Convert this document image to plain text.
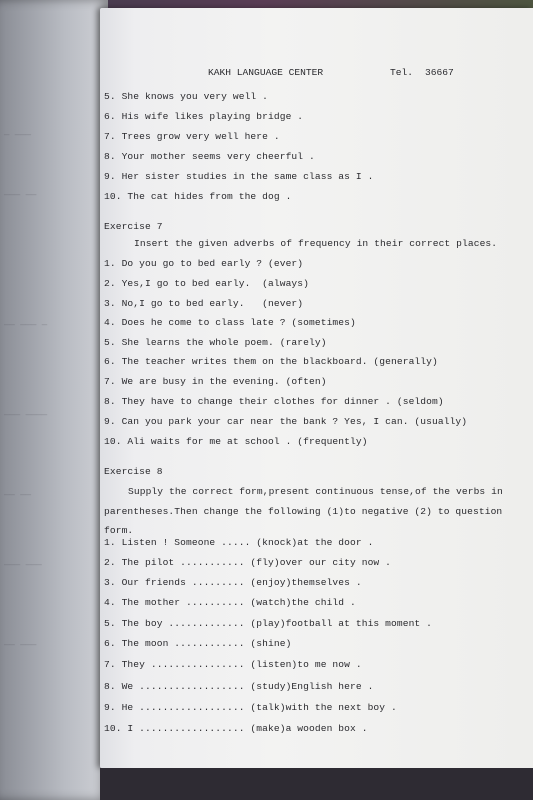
— ———
——— ——
—— ——— —
——— ————
—— ——
——— ———
—— ———
KAKH LANGUAGE CENTER	Tel. 36667
5. She knows you very well .
6. His wife likes playing bridge .
7. Trees grow very well here .
8. Your mother seems very cheerful .
9. Her sister studies in the same class as I .
10. The cat hides from the dog .
Exercise 7
Insert the given adverbs of frequency in their correct places.
1. Do you go to bed early ? (ever)
2. Yes,I go to bed early.  (always)
3. No,I go to bed early.   (never)
4. Does he come to class late ? (sometimes)
5. She learns the whole poem. (rarely)
6. The teacher writes them on the blackboard. (generally)
7. We are busy in the evening. (often)
8. They have to change their clothes for dinner . (seldom)
9. Can you park your car near the bank ? Yes, I can. (usually)
10. Ali waits for me at school . (frequently)
Exercise 8
Supply the correct form,present continuous tense,of the verbs in
parentheses.Then change the following (1)to negative (2) to question
form.
1. Listen ! Someone ..... (knock)at the door .
2. The pilot ........... (fly)over our city now .
3. Our friends ......... (enjoy)themselves .
4. The mother .......... (watch)the child .
5. The boy ............. (play)football at this moment .
6. The moon ............ (shine)
7. They ................ (listen)to me now .
8. We .................. (study)English here .
9. He .................. (talk)with the next boy .
10. I .................. (make)a wooden box .
